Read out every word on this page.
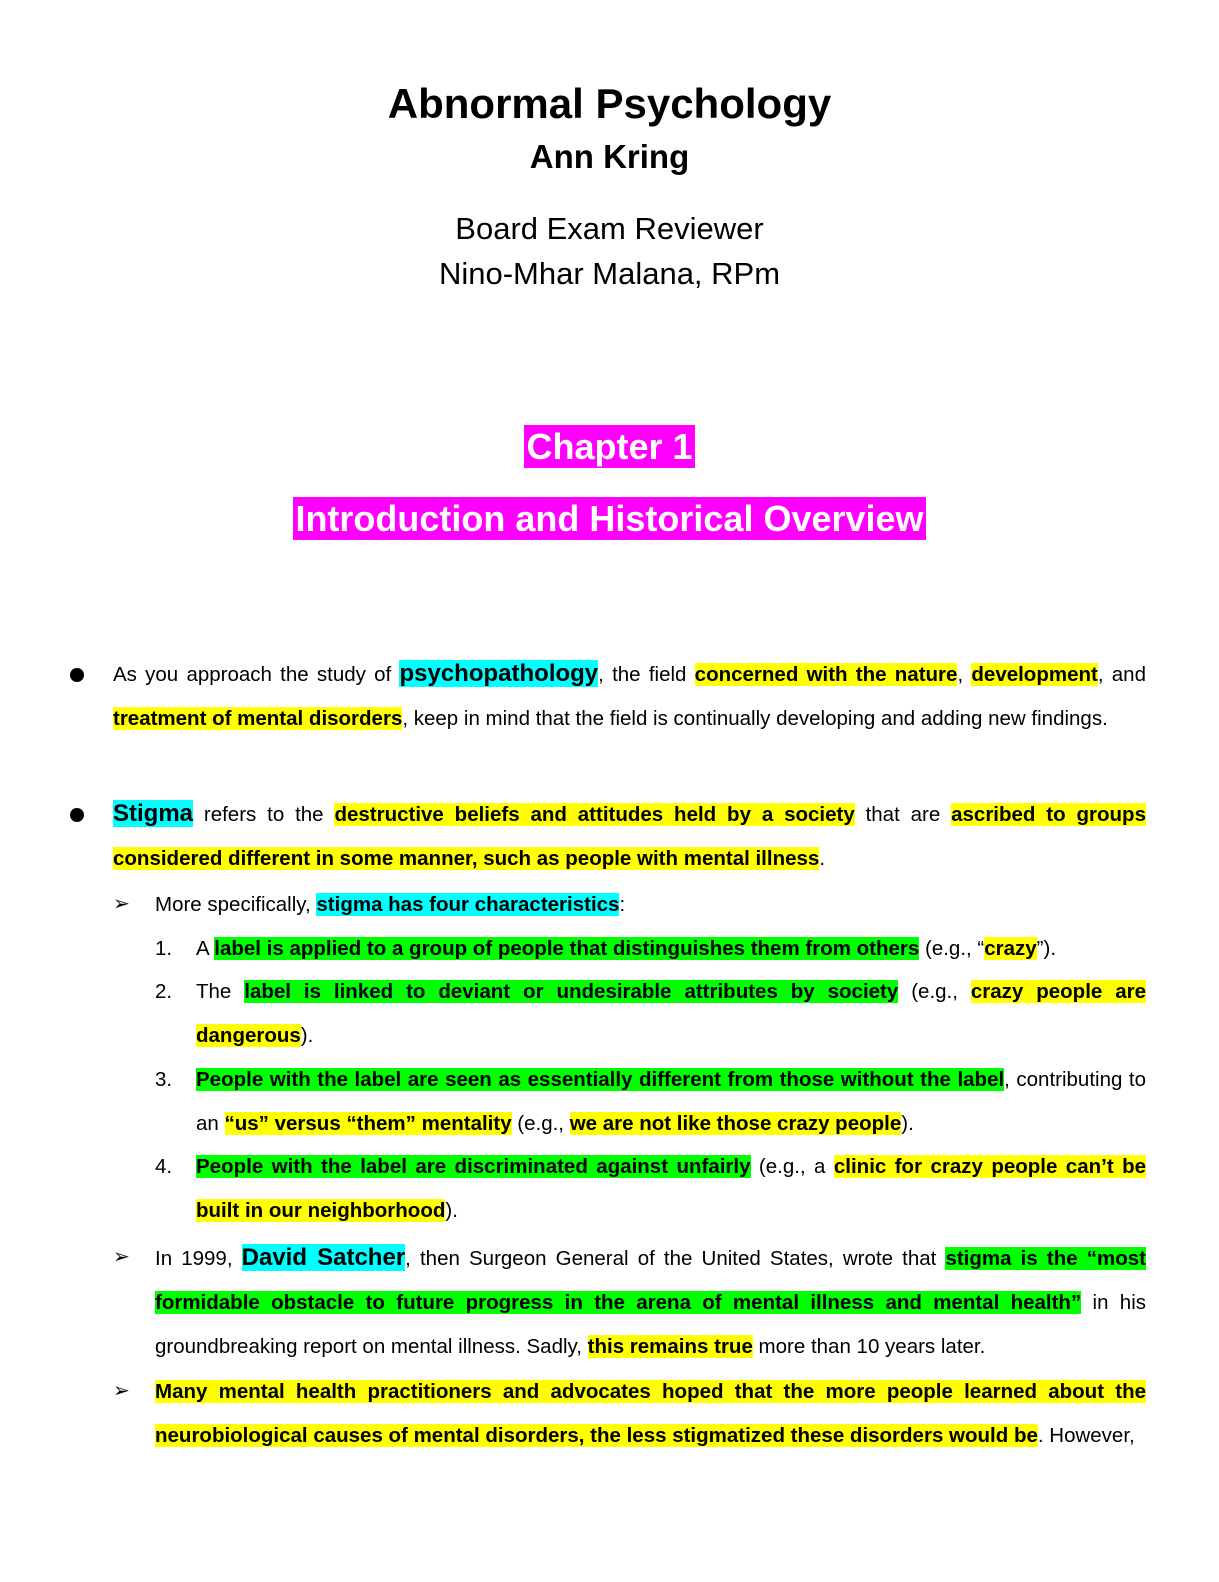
Abnormal Psychology
Ann Kring
Board Exam Reviewer
Nino-Mhar Malana, RPm
Chapter 1
Introduction and Historical Overview
As you approach the study of psychopathology, the field concerned with the nature, development, and treatment of mental disorders, keep in mind that the field is continually developing and adding new findings.
Stigma refers to the destructive beliefs and attitudes held by a society that are ascribed to groups considered different in some manner, such as people with mental illness.
➢ More specifically, stigma has four characteristics:
1. A label is applied to a group of people that distinguishes them from others (e.g., “crazy”).
2. The label is linked to deviant or undesirable attributes by society (e.g., crazy people are dangerous).
3. People with the label are seen as essentially different from those without the label, contributing to an “us” versus “them” mentality (e.g., we are not like those crazy people).
4. People with the label are discriminated against unfairly (e.g., a clinic for crazy people can’t be built in our neighborhood).
➢ In 1999, David Satcher, then Surgeon General of the United States, wrote that stigma is the “most formidable obstacle to future progress in the arena of mental illness and mental health” in his groundbreaking report on mental illness. Sadly, this remains true more than 10 years later.
➢ Many mental health practitioners and advocates hoped that the more people learned about the neurobiological causes of mental disorders, the less stigmatized these disorders would be. However,
